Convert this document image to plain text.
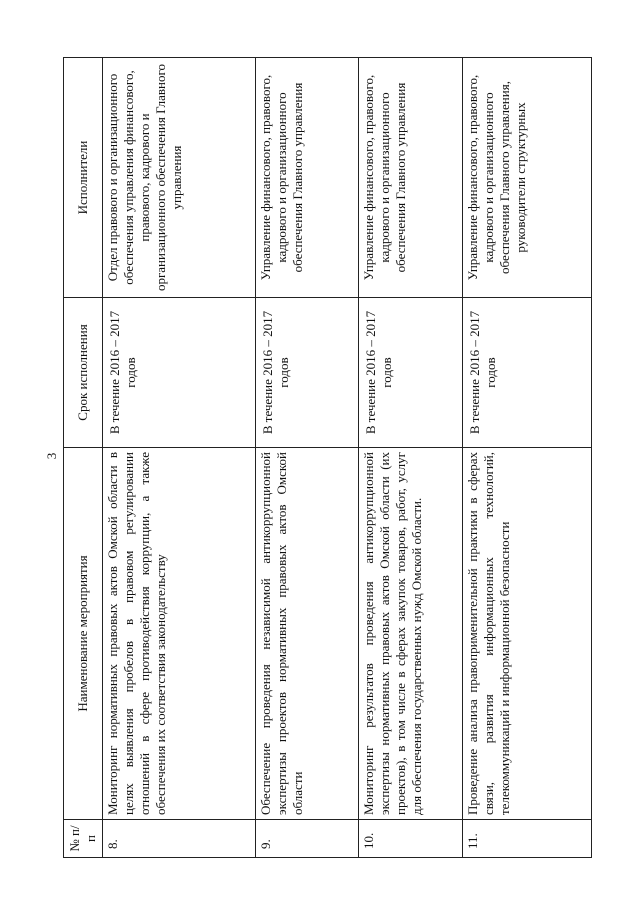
3
№ п/п	Наименование мероприятия	Срок исполнения	Исполнители
8.	Мониторинг нормативных правовых актов Омской области в целях выявления пробелов в правовом регулировании отношений в сфере противодействия коррупции, а также обеспечения их соответствия законодательству	В течение 2016 – 2017 годов	Отдел правового и организационного обеспечения управления финансового, правового, кадрового и организационного обеспечения Главного управления
9.	Обеспечение проведения независимой антикоррупционной экспертизы проектов нормативных правовых актов Омской области	В течение 2016 – 2017 годов	Управление финансового, правового, кадрового и организационного обеспечения Главного управления
10.	Мониторинг результатов проведения антикоррупционной экспертизы нормативных правовых актов Омской области (их проектов), в том числе в сферах закупок товаров, работ, услуг для обеспечения государственных нужд Омской области.	В течение 2016 – 2017 годов	Управление финансового, правового, кадрового и организационного обеспечения Главного управления
11.	Проведение анализа правоприменительной практики в сферах связи, развития информационных технологий, телекоммуникаций и информационной безопасности	В течение 2016 – 2017 годов	Управление финансового, правового, кадрового и организационного обеспечения Главного управления, руководители структурных
